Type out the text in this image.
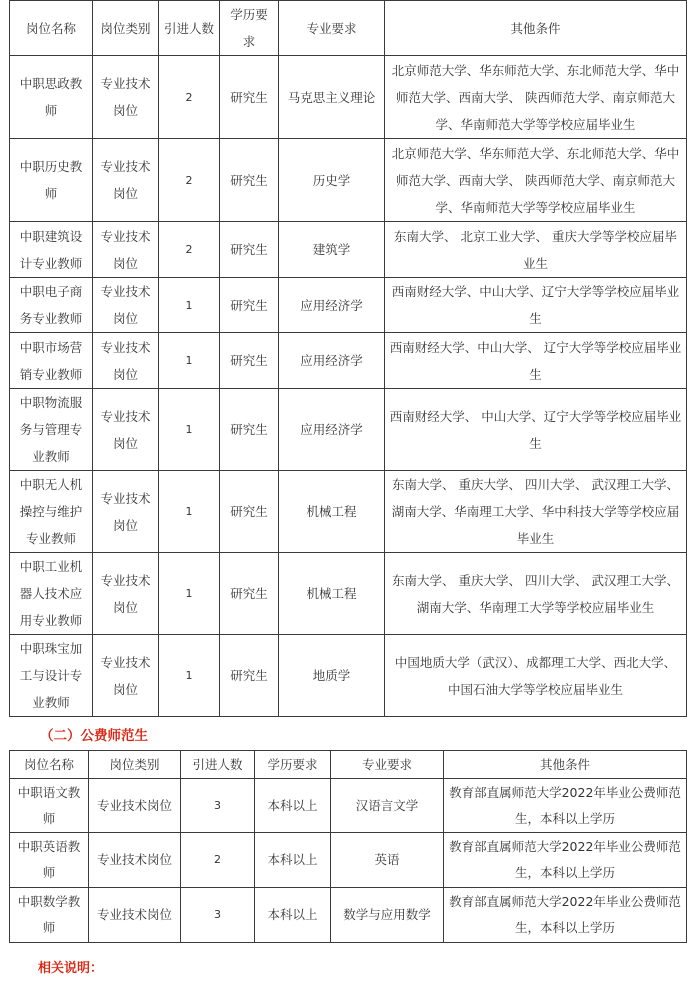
岗位名称	岗位类别	引进人数	学历要求	专业要求	其他条件
中职思政教师	专业技术岗位	2	研究生	马克思主义理论	北京师范大学、华东师范大学、东北师范大学、华中师范大学、西南大学、 陕西师范大学、南京师范大学、华南师范大学等学校应届毕业生
中职历史教师	专业技术岗位	2	研究生	历史学	北京师范大学、华东师范大学、东北师范大学、华中师范大学、西南大学、 陕西师范大学、南京师范大学、华南师范大学等学校应届毕业生
中职建筑设计专业教师	专业技术岗位	2	研究生	建筑学	东南大学、 北京工业大学、 重庆大学等学校应届毕业生
中职电子商务专业教师	专业技术岗位	1	研究生	应用经济学	西南财经大学、中山大学、辽宁大学等学校应届毕业生
中职市场营销专业教师	专业技术岗位	1	研究生	应用经济学	西南财经大学、中山大学、 辽宁大学等学校应届毕业生
中职物流服务与管理专业教师	专业技术岗位	1	研究生	应用经济学	西南财经大学、 中山大学、辽宁大学等学校应届毕业生
中职无人机操控与维护专业教师	专业技术岗位	1	研究生	机械工程	东南大学、 重庆大学、 四川大学、 武汉理工大学、湖南大学、华南理工大学、华中科技大学等学校应届毕业生
中职工业机器人技术应用专业教师	专业技术岗位	1	研究生	机械工程	东南大学、 重庆大学、 四川大学、 武汉理工大学、湖南大学、华南理工大学等学校应届毕业生
中职珠宝加工与设计专业教师	专业技术岗位	1	研究生	地质学	中国地质大学（武汉）、成都理工大学、西北大学、中国石油大学等学校应届毕业生
（二）公费师范生
岗位名称	岗位类别	引进人数	学历要求	专业要求	其他条件
中职语文教师	专业技术岗位	3	本科以上	汉语言文学	教育部直属师范大学2022年毕业公费师范生，本科以上学历
中职英语教师	专业技术岗位	2	本科以上	英语	教育部直属师范大学2022年毕业公费师范生，本科以上学历
中职数学教师	专业技术岗位	3	本科以上	数学与应用数学	教育部直属师范大学2022年毕业公费师范生，本科以上学历
相关说明：
